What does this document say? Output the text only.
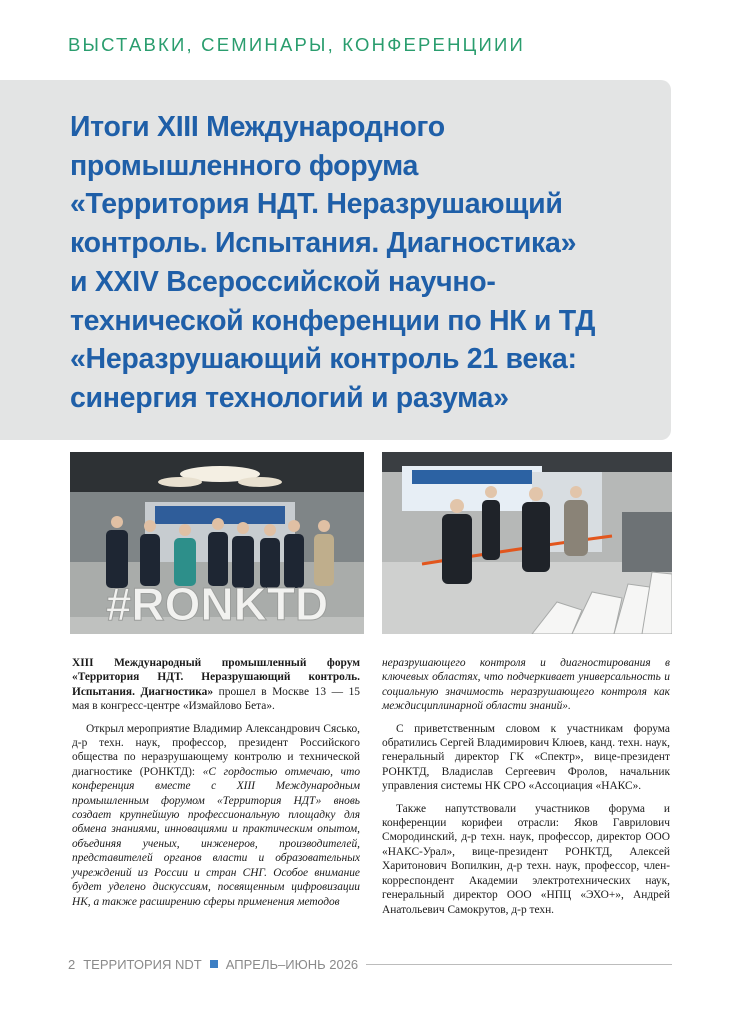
ВЫСТАВКИ, СЕМИНАРЫ, КОНФЕРЕНЦИИИ
Итоги XIII Международного
промышленного форума
«Территория НДТ. Неразрушающий
контроль. Испытания. Диагностика»
и XXIV Всероссийской научно-
технической конференции по НК и ТД
«Неразрушающий контроль 21 века:
синергия технологий и разума»
#RONKTD

XIII Международный промышленный форум «Территория НДТ. Неразрушающий контроль. Испытания. Диагностика» прошел в Москве 13 — 15 мая в конгресс-центре «Измайлово Бета».

Открыл мероприятие Владимир Александрович Сясько, д-р техн. наук, профессор, президент Российского общества по неразрушающему контролю и технической диагностике (РОНКТД): «С гордостью отмечаю, что конференция вместе с XIII Международным промышленным форумом «Территория НДТ» вновь создает крупнейшую профессиональную площадку для обмена знаниями, инновациями и практическим опытом, объединяя ученых, инженеров, производителей, представителей органов власти и образовательных учреждений из России и стран СНГ. Особое внимание будет уделено дискуссиям, посвященным цифровизации НК, а также расширению сферы применения методов

неразрушающего контроля и диагностирования в ключевых областях, что подчеркивает универсальность и социальную значимость неразрушающего контроля как междисциплинарной области знаний».

С приветственным словом к участникам форума обратились Сергей Владимирович Клюев, канд. техн. наук, генеральный директор ГК «Спектр», вице-президент РОНКТД, Владислав Сергеевич Фролов, начальник управления системы НК СРО «Ассоциация «НАКС».

Также напутствовали участников форума и конференции корифеи отрасли: Яков Гаврилович Смородинский, д-р техн. наук, профессор, директор ООО «НАКС-Урал», вице-президент РОНКТД, Алексей Харитонович Вопилкин, д-р техн. наук, профессор, член-корреспондент Академии электротехнических наук, генеральный директор ООО «НПЦ «ЭХО+», Андрей Анатольевич Самокрутов, д-р техн.

2 ТЕРРИТОРИЯ NDT АПРЕЛЬ–ИЮНЬ 2026
